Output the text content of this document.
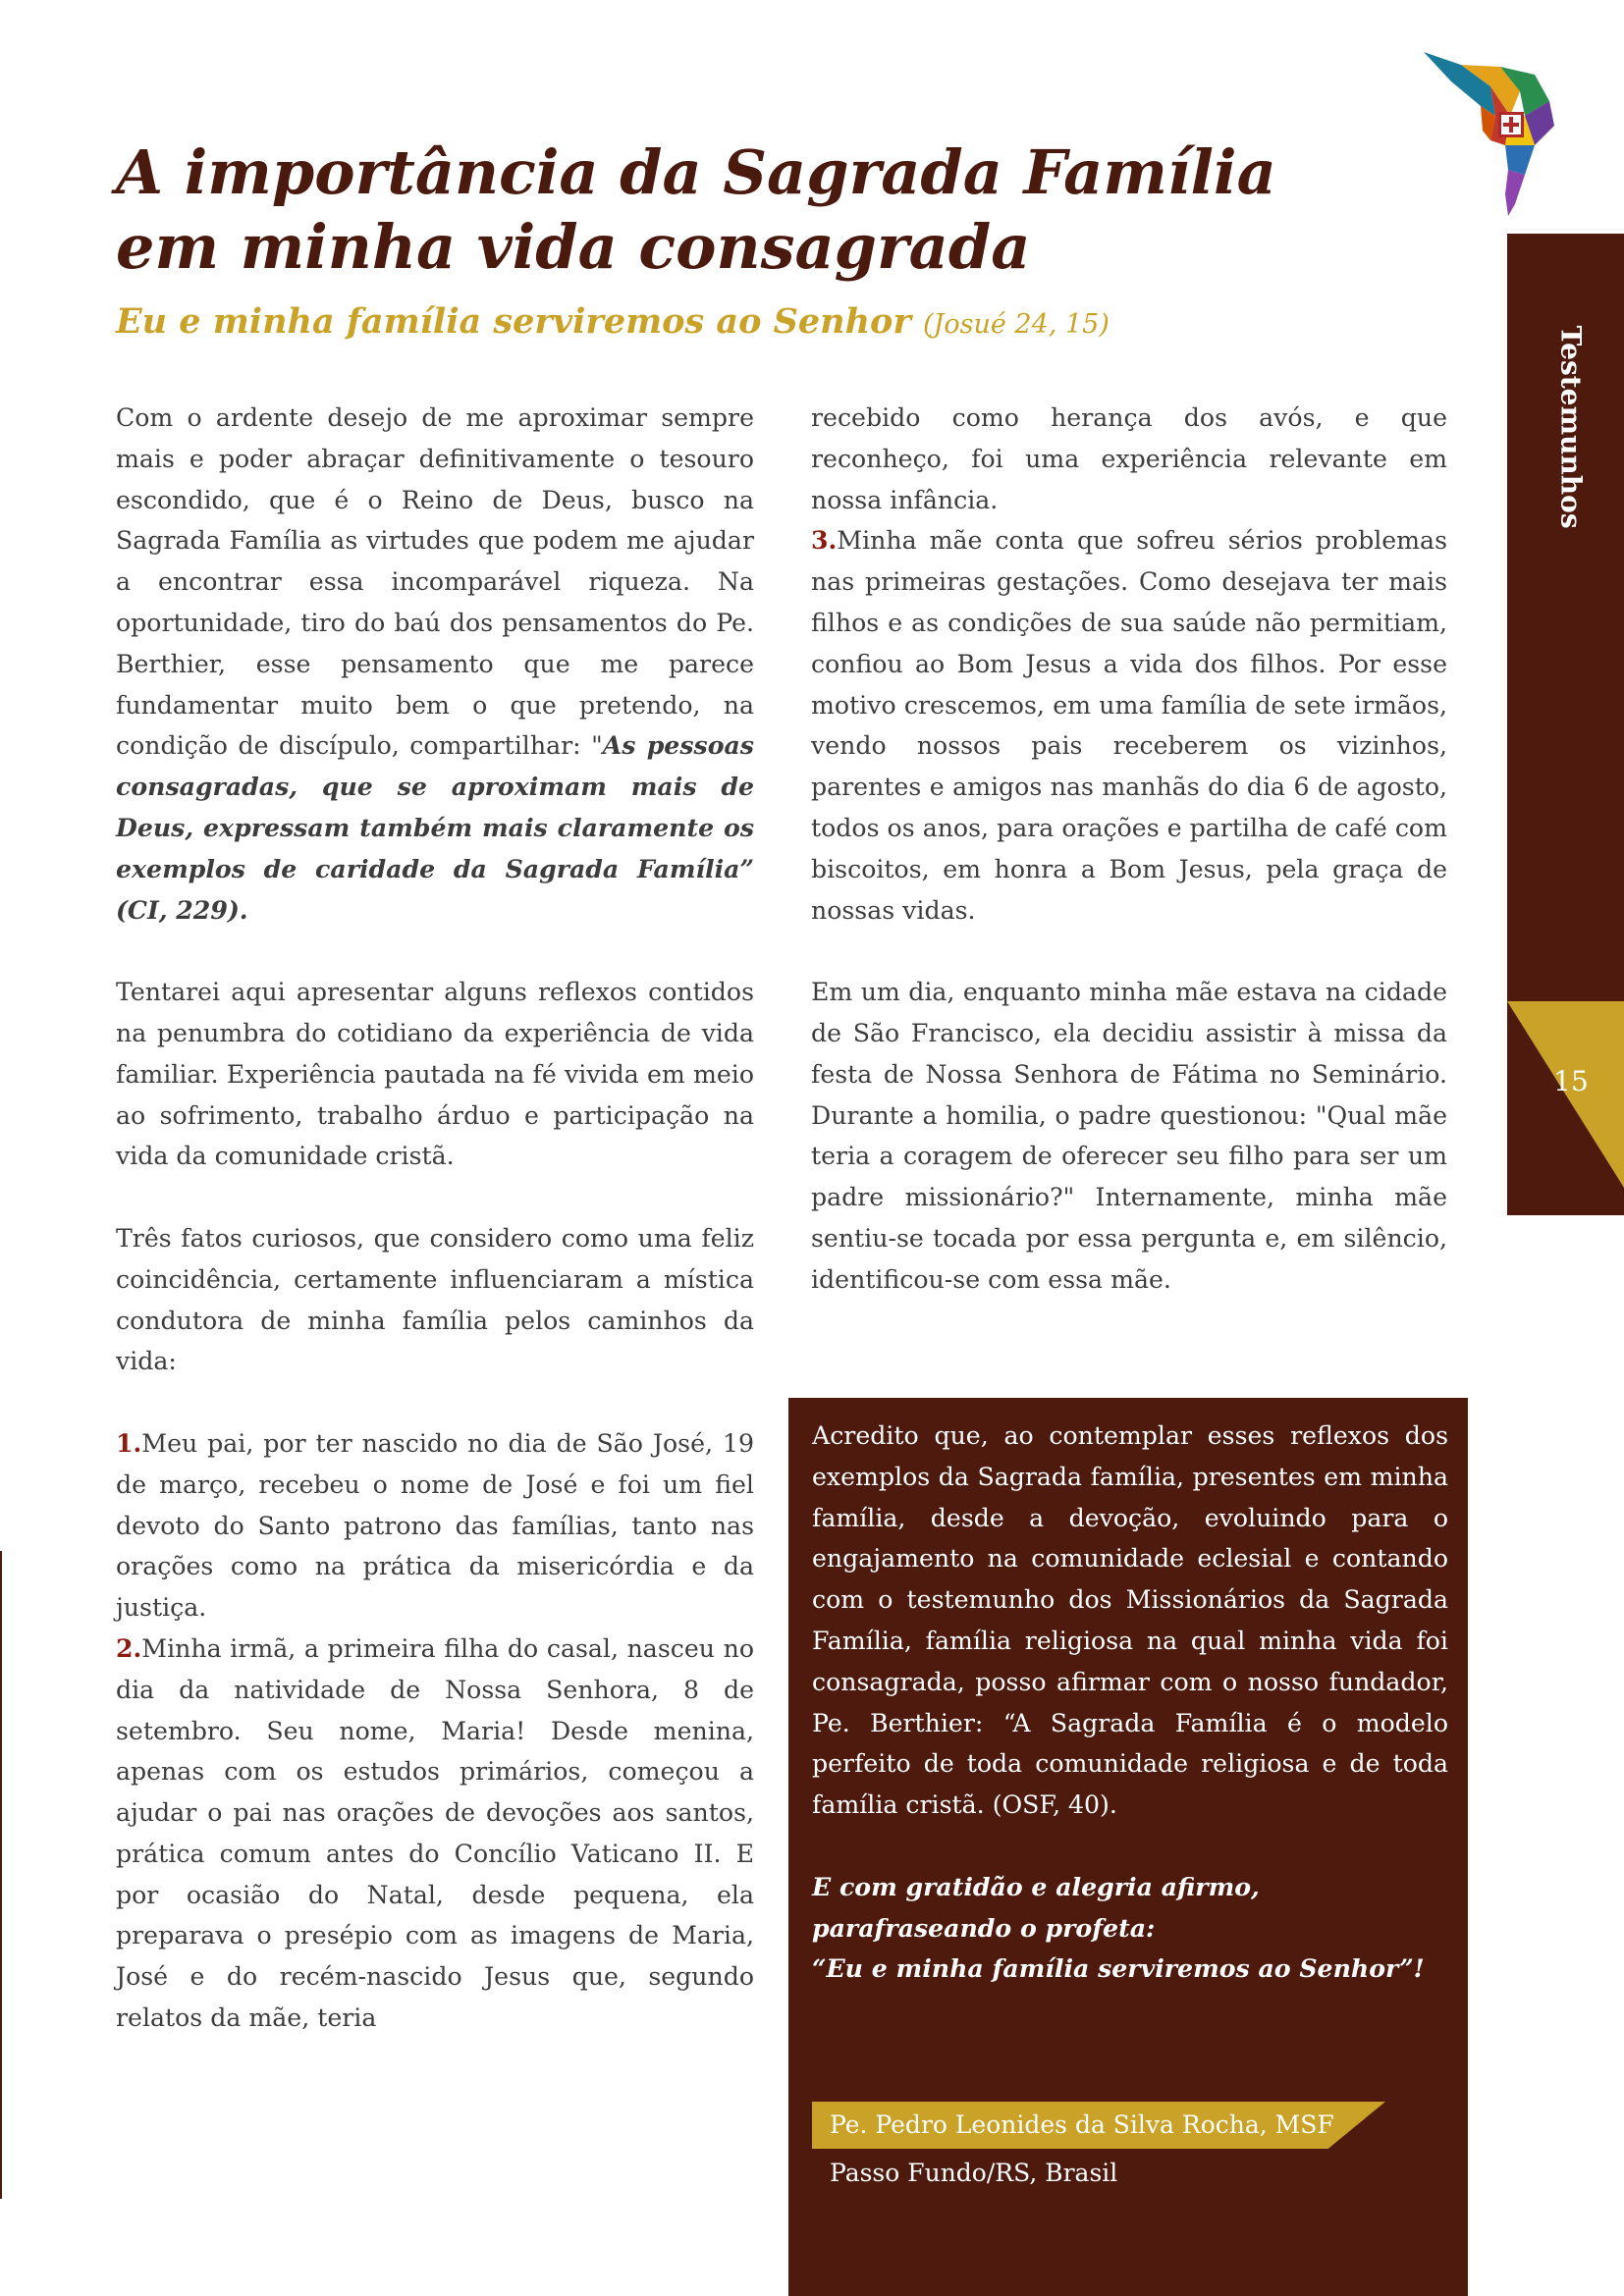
Testemunhos
15
A importância da Sagrada Família
em minha vida consagrada

Eu e minha família serviremos ao Senhor (Josué 24, 15)

Com o ardente desejo de me aproximar sempre mais e poder abraçar definitivamente o tesouro escondido, que é o Reino de Deus, busco na Sagrada Família as virtudes que podem me ajudar a encontrar essa incomparável riqueza. Na oportunidade, tiro do baú dos pensamentos do Pe. Berthier, esse pensamento que me parece fundamentar muito bem o que pretendo, na condição de discípulo, compartilhar: "As pessoas consagradas, que se aproximam mais de Deus, expressam também mais claramente os exemplos de caridade da Sagrada Família” (CI, 229).

Tentarei aqui apresentar alguns reflexos contidos na penumbra do cotidiano da experiência de vida familiar. Experiência pautada na fé vivida em meio ao sofrimento, trabalho árduo e participação na vida da comunidade cristã.

Três fatos curiosos, que considero como uma feliz coincidência, certamente influenciaram a mística condutora de minha família pelos caminhos da vida:

1.Meu pai, por ter nascido no dia de São José, 19 de março, recebeu o nome de José e foi um fiel devoto do Santo patrono das famílias, tanto nas orações como na prática da misericórdia e da justiça.

2.Minha irmã, a primeira filha do casal, nasceu no dia da natividade de Nossa Senhora, 8 de setembro. Seu nome, Maria! Desde menina, apenas com os estudos primários, começou a ajudar o pai nas orações de devoções aos santos, prática comum antes do Concílio Vaticano II. E por ocasião do Natal, desde pequena, ela preparava o presépio com as imagens de Maria, José e do recém-nascido Jesus que, segundo relatos da mãe, teria

recebido como herança dos avós, e que reconheço, foi uma experiência relevante em nossa infância.

3.Minha mãe conta que sofreu sérios problemas nas primeiras gestações. Como desejava ter mais filhos e as condições de sua saúde não permitiam, confiou ao Bom Jesus a vida dos filhos. Por esse motivo crescemos, em uma família de sete irmãos, vendo nossos pais receberem os vizinhos, parentes e amigos nas manhãs do dia 6 de agosto, todos os anos, para orações e partilha de café com biscoitos, em honra a Bom Jesus, pela graça de nossas vidas.

Em um dia, enquanto minha mãe estava na cidade de São Francisco, ela decidiu assistir à missa da festa de Nossa Senhora de Fátima no Seminário. Durante a homilia, o padre questionou: "Qual mãe teria a coragem de oferecer seu filho para ser um padre missionário?" Internamente, minha mãe sentiu-se tocada por essa pergunta e, em silêncio, identificou-se com essa mãe.

Acredito que, ao contemplar esses reflexos dos exemplos da Sagrada família, presentes em minha família, desde a devoção, evoluindo para o engajamento na comunidade eclesial e contando com o testemunho dos Missionários da Sagrada Família, família religiosa na qual minha vida foi consagrada, posso afirmar com o nosso fundador, Pe. Berthier: “A Sagrada Família é o modelo perfeito de toda comunidade religiosa e de toda família cristã. (OSF, 40).

E com gratidão e alegria afirmo,
parafraseando o profeta:
“Eu e minha família serviremos ao Senhor”!

Pe. Pedro Leonides da Silva Rocha, MSF
Passo Fundo/RS, Brasil
